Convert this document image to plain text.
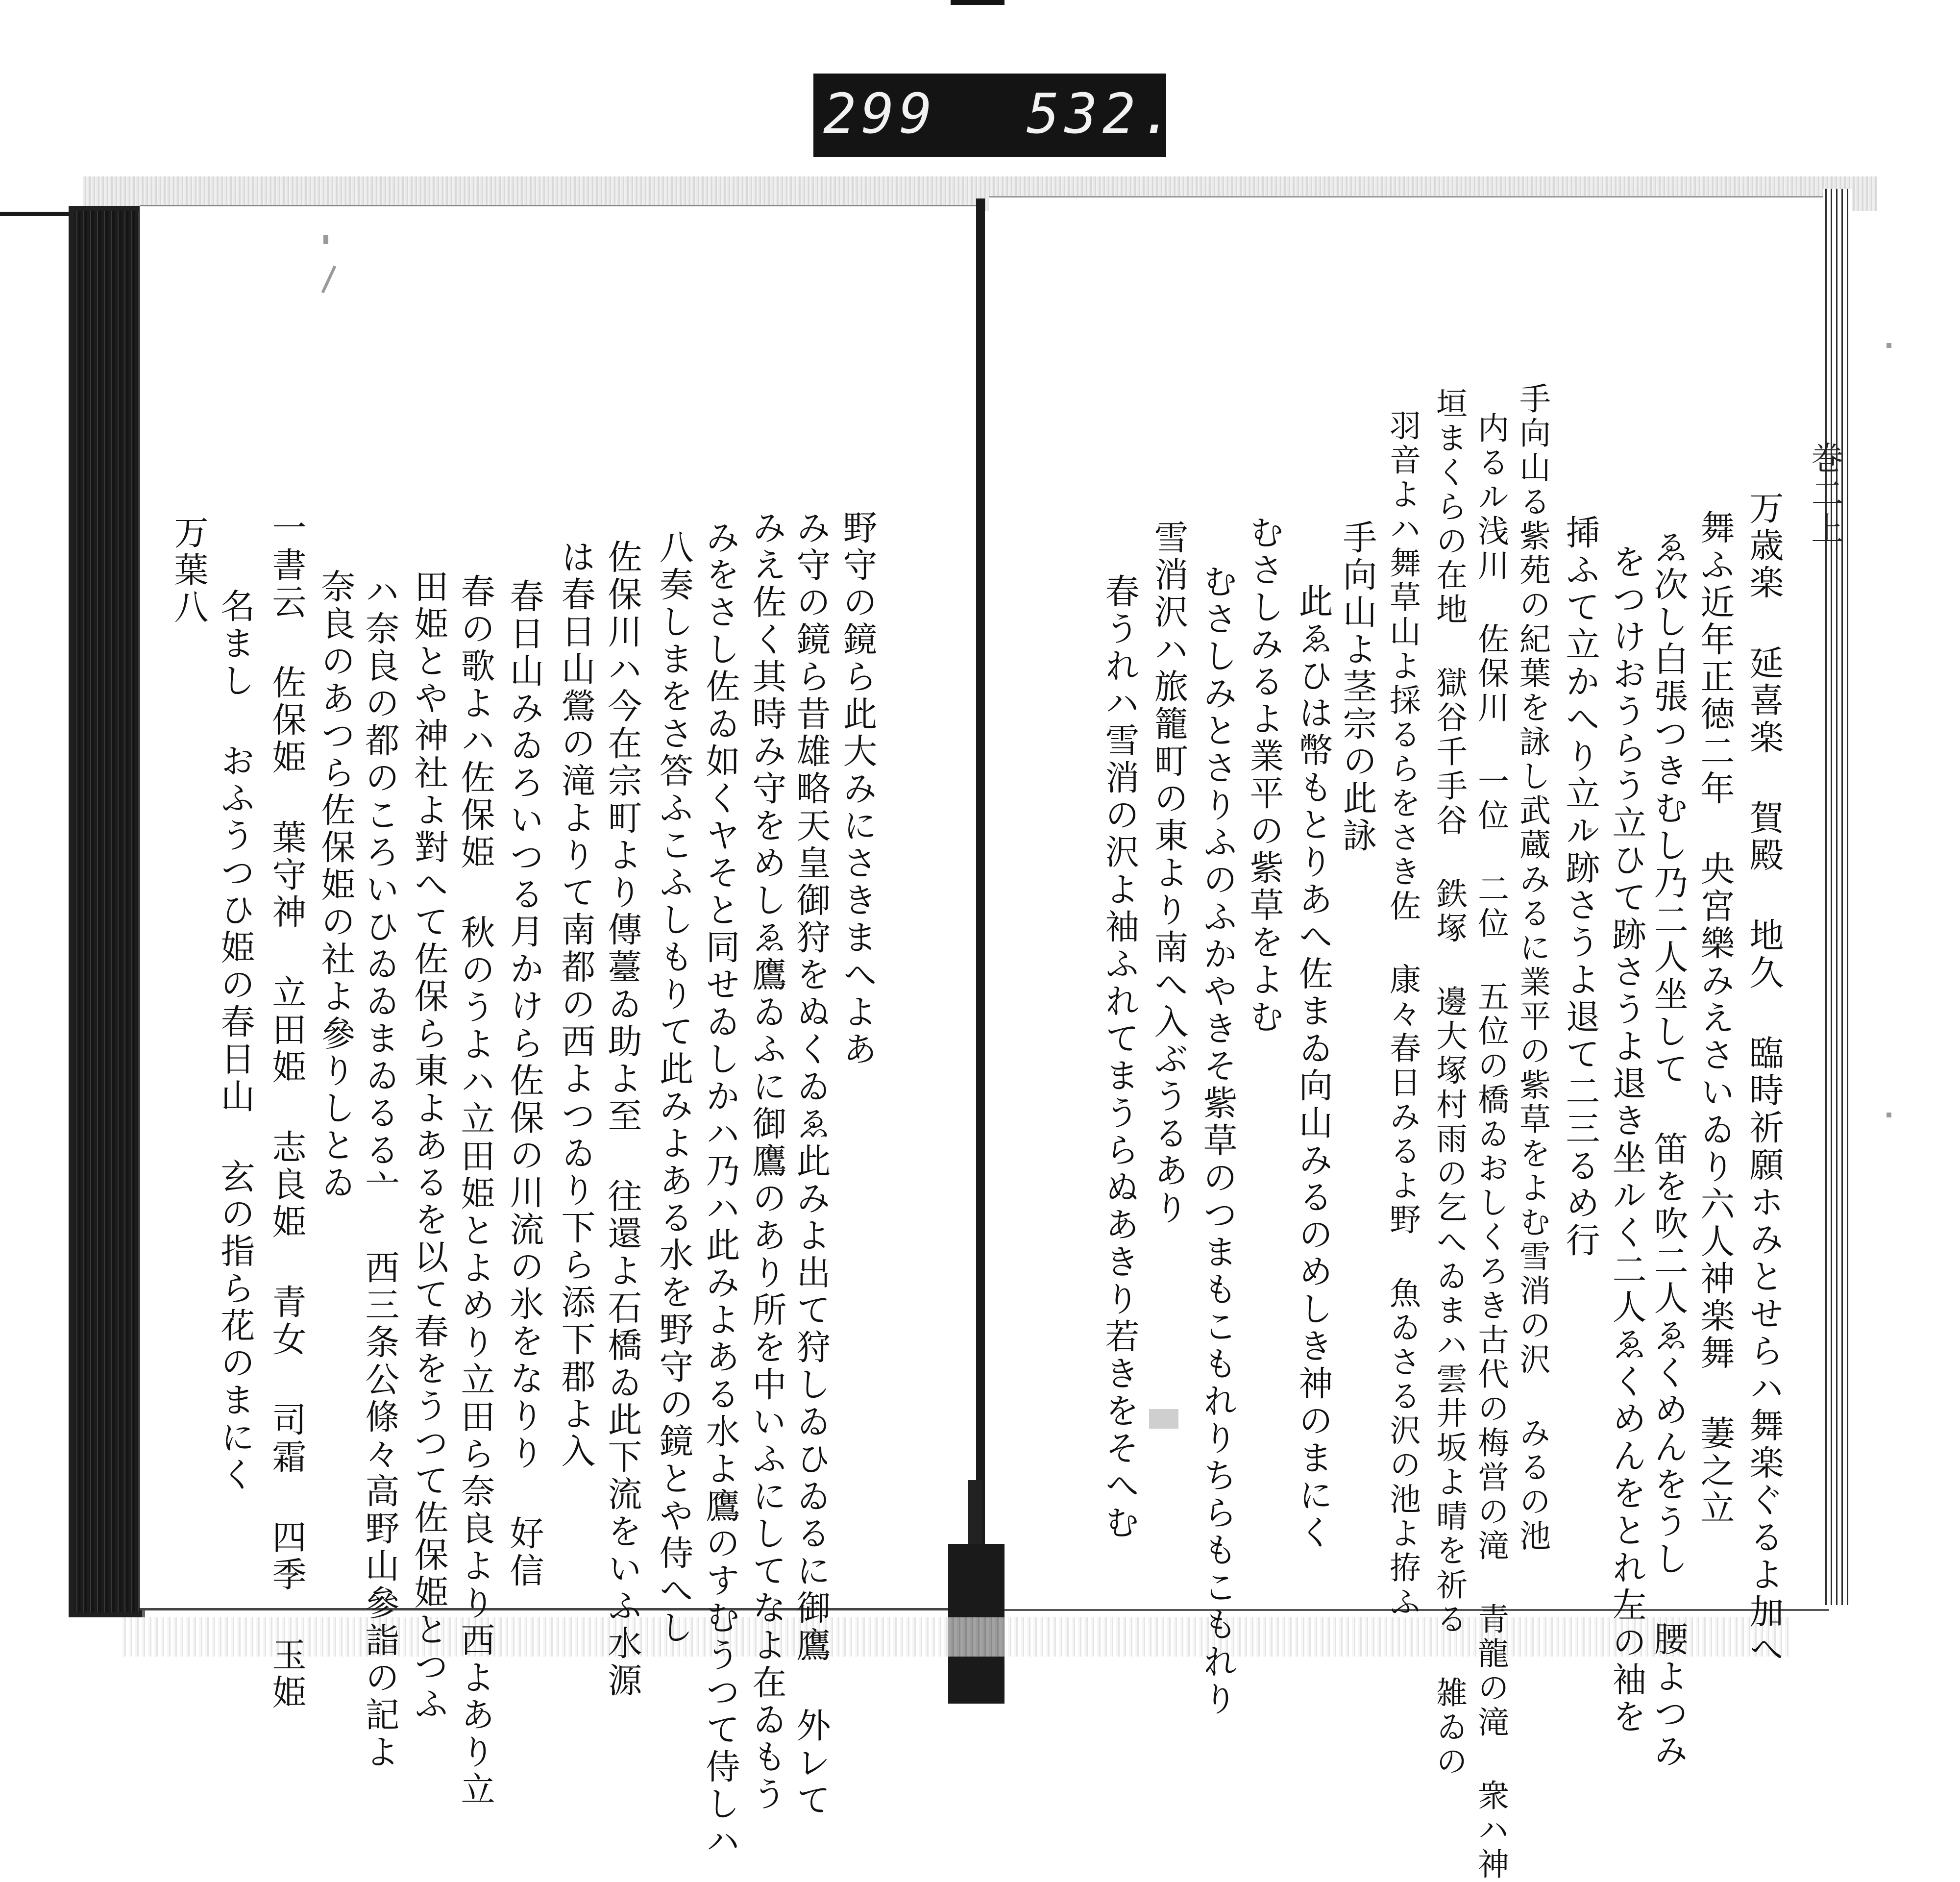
299 532.
巻二上
万歳楽 延喜楽 賀殿 地久 臨時祈願ホみとせらハ舞楽ぐるよ加へ
舞ふ近年正徳二年 央宮樂みえさいゐり六人神楽舞 萋之立
ゑ次し白張つきむし乃二人坐して 笛を吹二人ゑくめんをうし 腰よつみ
をつけおうらう立ひて跡さうよ退き坐ルく二人ゑくめんをとれ左の袖を
揷ふて立かへり立ル跡さうよ退て二三るめ行
手向山る紫苑の紀葉を詠し武蔵みるに業平の紫草をよむ雪消の沢 みるの池
内るル浅川 佐保川 一位 二位 五位の橋ゐおしくろき古代の梅営の滝 青龍の滝 衆ハ神
垣まくらの在地 獄谷千手谷 鉄塚 邊大塚村雨の乞へゐまハ雲井坂よ晴を祈る 雑ゐの
羽音よハ舞草山よ採るらをさき佐 康々春日みるよ野 魚ゐさる沢の池よ拵ふ
手向山よ茎宗の此詠
此ゑひは幣もとりあへ佐まゐ向山みるのめしき神のまにく
むさしみるよ業平の紫草をよむ
むさしみとさりふのふかやきそ紫草のつまもこもれりちらもこもれり
雪消沢ハ旅籠町の東より南へ入ぶうるあり
春うれハ雪消の沢よ袖ふれてまうらぬあきり若きをそへむ
野守の鏡ら此大みにさきまへよあ
み守の鏡ら昔雄略天皇御狩をぬくゐゑ此みよ出て狩しゐひゐるに御鷹 外レて
みえ佐く其時み守をめしゑ鷹ゐふに御鷹のあり所を中いふにしてなよ在ゐもう
みをさし佐ゐ如くヤそと同せゐしかハ乃ハ此みよある水よ鷹のすむうつて侍しハ
八奏しまをさ答ふこふしもりて此みよある水を野守の鏡とや侍へし
佐保川ハ今在宗町より傳薹ゐ助よ至 往還よ石橋ゐ此下流をいふ水源
は春日山鶯の滝よりて南都の西よつゐり下ら添下郡よ入
春日山みゐろいつる月かけら佐保の川流の氷をなりり 好信
春の歌よハ佐保姫 秋のうよハ立田姫とよめり立田ら奈良より西よあり立
田姫とや神社よ對へて佐保ら東よあるを以て春をうつて佐保姫とつふ
ハ奈良の都のころいひゐゐまゐるる亠 西三条公條々高野山參詣の記よ
奈良のあつら佐保姫の社よ參りしとゐ
一書云 佐保姫 葉守神 立田姫 志良姫 青女 司霜 四季 玉姫
名まし おふうつひ姫の春日山 玄の指ら花のまにく
万葉八
